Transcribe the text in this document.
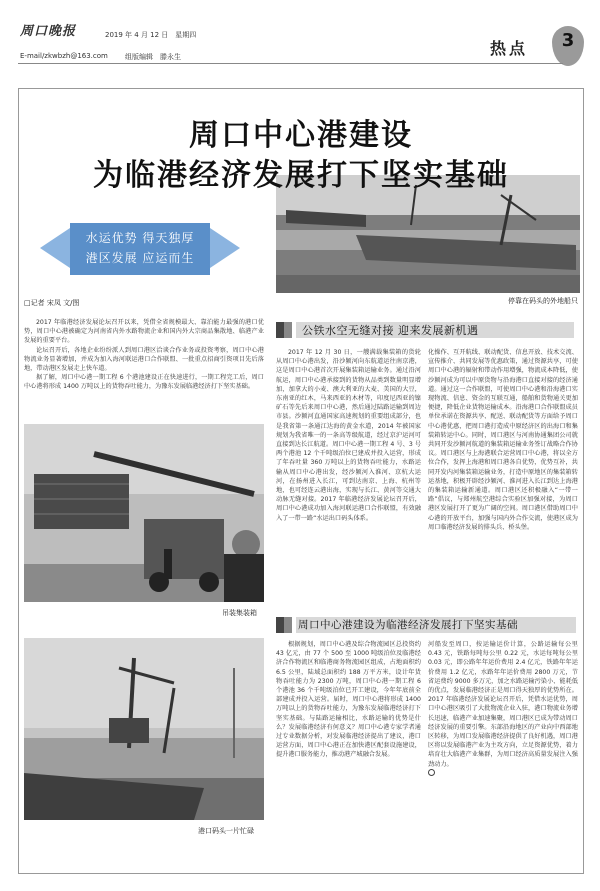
周口晚报	2019 年 4 月 12 日　星期四
E-mail/zkwbzh@163.com 组版编辑　滕永生	热点	3
周口中心港建设
为临港经济发展打下坚实基础
水运优势 得天独厚
港区发展 应运而生
停靠在码头的外地船只
□记者 宋凤 文/图

2017 年临港经济发展论坛召开以来，凭借全省规模最大、靠泊能力最强的港口优势，周口中心港被确定为河南省内外水路物流企业和国内外大宗商品集散地、临港产业发展的重要平台。

论坛召开后，各地企业纷纷派人到周口港区洽谈合作业务或投资考察，周口中心港物流业务显著增加，并成为加入海河联运港口合作联盟、一批重点招商引资项目先后落地，带动港区发展走上快车道。

据了解，周口中心港一期工程 6 个港池建设正在快速进行，一期工程完工后，周口中心港将形成 1400 万吨以上的货物吞吐能力，为豫东发展临港经济打下坚实基础。

吊装集装箱
公铁水空无缝对接 迎来发展新机遇

2017 年 12 月 30 日，一艘满载集装箱的货轮从周口中心港出发，沿沙颍河向东航道运往南京港，这是周口中心港首次开展集装箱运输业务。通过沿河航运，周口中心港承接到的货物从品类到数量明显增加，加拿大的小麦、澳大利亚的大麦、美国的大豆，东南亚的红木，马来西亚的木材等，印度尼西亚的镍矿石等先后来周口中心港，然后通过陆路运输到周边市县。沙颍河直通国家高速规划的重要组成部分，也是我省第一条通江达海的黄金水道，2014 年被国家规划为我省唯一的一条高等级航道，经过京沪运河可直接到达长江航道。周口中心港一期工程 4 号、3 号两个港池 12 个千吨级泊位已建成并投入运营，形成了年吞吐量 360 万吨以上的货物吞吐能力，水路运输从周口中心港出发，经沙颍河入淮河、京杭大运河，在扬州进入长江，可到达南京、上海、杭州等地，也可经连云港出海，实现与长江、黄河等交通大动脉无缝对接。2017 年临港经济发展论坛召开后，周口中心港成功加入海河联运港口合作联盟，有效融入了一带一路“水运出口码头体系。

化操作、互开航线、联动配货、信息开放、技术交流、宣传推介、共同发展等优惠政策，通过资源共享，可使周口中心港的辐射和带动作用增强，物流成本降低，使沙颍河成为可以中原货物与沿海港口直接对接的经济通道。通过这一合作联盟，可使周口中心港和沿海港口实现物流、信息、资金的互联互通，船舶和货物通关更加便捷，降低企业货物运输成本。沿海港口合作联盟成员单位承诺在资源共享、配送、联动配货等方面给予周口中心港优惠，把周口港打造成中原经济区的出海口和集装箱转运中心。同时，周口港区与河南协通集团公司就共同开发沙颍河航道的集装箱运输业务签订战略合作协议。周口港区与上海港联合运营周口中心港，将以全方位合作，发挥上海港和周口港各自优势，优势互补，共同开发内河集装箱运输业务，打造中原地区的集装箱转运基地，积极开辟经沙颍河、淮河进入长江到达上海港的集装箱运输新通道。周口港区还积极融入“一带一路”倡议，与郑州航空港综合实验区加强对接，为周口港区发展打开了更为广阔的空间。周口港区借助周口中心港的开放平台，加强与国内外合作交流，使港区成为周口临港经济发展的排头兵、桥头堡。

周口中心港建设为临港经济发展打下坚实基础
港口码头一片忙碌

根据规划，周口中心港及综合物流园区总投资约 43 亿元，由 77 个 500 至 1000 吨级泊位及临港经济合作物流区和临港商务物流园区组成，占地面积约 6.5 公里，陆域总面积约 188 万平方米，设计年货物吞吐能力为 2300 万吨，周口中心港一期工程 6 个港池 36 个千吨级泊位已开工建设，今年年底前全部建成并投入运营。届时，周口中心港将形成 1400 万吨以上的货物吞吐能力，为豫东发展临港经济打下坚实基础。与陆路运输相比，水路运输的优势是什么？发展临港经济有何意义？周口中心港专家学者通过专业数据分析，对发展临港经济提出了建议，港口运营方面，周口中心港正在加快港区配套设施建设，提升港口服务能力，推动港产城融合发展。

河船发至周口，按运输运价计算，公路运输每公里 0.43 元，铁路每吨每公里 0.22 元，水运每吨每公里 0.03 元，即公路年年运价费用 2.4 亿元，铁路年年运价费用 1.2 亿元，水路年年运价费用 2800 万元，节省运费约 9000 多万元，加之水路运输污染小、能耗低的优点，发展临港经济正是周口得天独厚的优势所在。2017 年临港经济发展论坛召开后，凭借水运优势，周口中心港区吸引了大批物流企业入驻，港口物流业务增长迅速，临港产业加速集聚，周口港区已成为带动周口经济发展的重要引擎。东部沿海地区的产业向中西部地区转移，为周口发展临港经济提供了良好机遇，周口港区将以发展临港产业为主攻方向，立足资源优势，着力培育壮大临港产业集群，为周口经济高质量发展注入强劲动力。
